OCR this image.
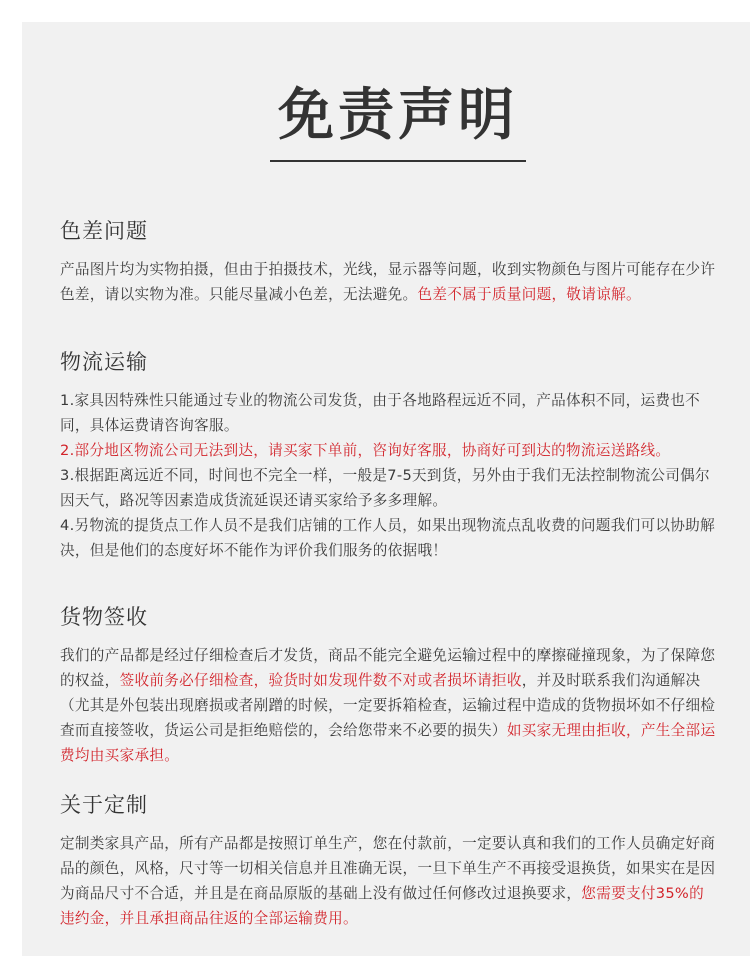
免责声明
色差问题

产品图片均为实物拍摄，但由于拍摄技术，光线，显示器等问题，收到实物颜色与图片可能存在少许色差，请以实物为准。只能尽量减小色差，无法避免。色差不属于质量问题，敬请谅解。

物流运输

1.家具因特殊性只能通过专业的物流公司发货，由于各地路程远近不同，产品体积不同，运费也不同，具体运费请咨询客服。

2.部分地区物流公司无法到达，请买家下单前，咨询好客服，协商好可到达的物流运送路线。

3.根据距离远近不同，时间也不完全一样，一般是7-5天到货，另外由于我们无法控制物流公司偶尔因天气，路况等因素造成货流延误还请买家给予多多理解。

4.另物流的提货点工作人员不是我们店铺的工作人员，如果出现物流点乱收费的问题我们可以协助解决，但是他们的态度好坏不能作为评价我们服务的依据哦！

货物签收

我们的产品都是经过仔细检查后才发货，商品不能完全避免运输过程中的摩擦碰撞现象，为了保障您的权益，签收前务必仔细检查，验货时如发现件数不对或者损坏请拒收，并及时联系我们沟通解决（尤其是外包装出现磨损或者剐蹭的时候，一定要拆箱检查，运输过程中造成的货物损坏如不仔细检查而直接签收，货运公司是拒绝赔偿的，会给您带来不必要的损失）如买家无理由拒收，产生全部运费均由买家承担。

关于定制

定制类家具产品，所有产品都是按照订单生产，您在付款前，一定要认真和我们的工作人员确定好商品的颜色，风格，尺寸等一切相关信息并且准确无误，一旦下单生产不再接受退换货，如果实在是因为商品尺寸不合适，并且是在商品原版的基础上没有做过任何修改过退换要求，您需要支付35%的违约金，并且承担商品往返的全部运输费用。
